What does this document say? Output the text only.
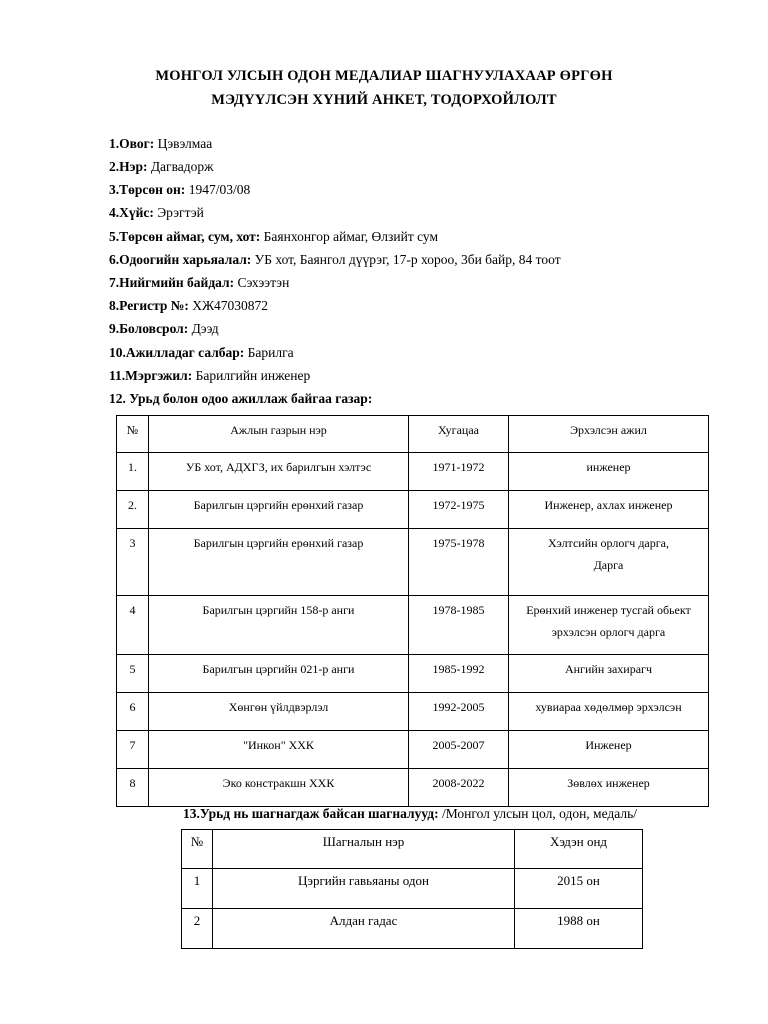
МОНГОЛ УЛСЫН ОДОН МЕДАЛИАР ШАГНУУЛАХААР ӨРГӨН
МЭДҮҮЛСЭН ХҮНИЙ АНКЕТ, ТОДОРХОЙЛОЛТ
1.Овог: Цэвэлмаа
2.Нэр: Дагвадорж
3.Төрсөн он: 1947/03/08
4.Хүйс: Эрэгтэй
5.Төрсөн аймаг, сум, хот: Баянхонгор аймаг, Өлзийт сум
6.Одоогийн харьяалал: УБ хот, Баянгол дүүрэг, 17-р хороо, 3би байр, 84 тоот
7.Нийгмийн байдал: Сэхээтэн
8.Регистр №: ХЖ47030872
9.Боловсрол: Дээд
10.Ажилладаг салбар: Барилга
11.Мэргэжил: Барилгийн инженер
12. Урьд болон одоо ажиллаж байгаа газар:
№	Ажлын газрын нэр	Хугацаа	Эрхэлсэн ажил
1.	УБ хот, АДХГЗ, их барилгын хэлтэс	1971-1972	инженер
2.	Барилгын цэргийн ерөнхий газар	1972-1975	Инженер, ахлах инженер
3	Барилгын цэргийн ерөнхий газар	1975-1978	Хэлтсийн орлогч дарга,
Дарга

4	Барилгын цэргийн 158-р анги	1978-1985	Ерөнхий инженер тусгай обьект
эрхэлсэн орлогч дарга

5	Барилгын цэргийн 021-р анги	1985-1992	Ангийн захирагч
6	Хөнгөн үйлдвэрлэл	1992-2005	хувиараа хөдөлмөр эрхэлсэн
7	"Инкон" ХХК	2005-2007	Инженер
8	Эко констракшн ХХК	2008-2022	Зөвлөх инженер
13.Урьд нь шагнагдаж байсан шагналууд: /Монгол улсын цол, одон, медаль/
№	Шагналын нэр	Хэдэн онд
1	Цэргийн гавьяаны одон	2015 он
2	Алдан гадас	1988 он
